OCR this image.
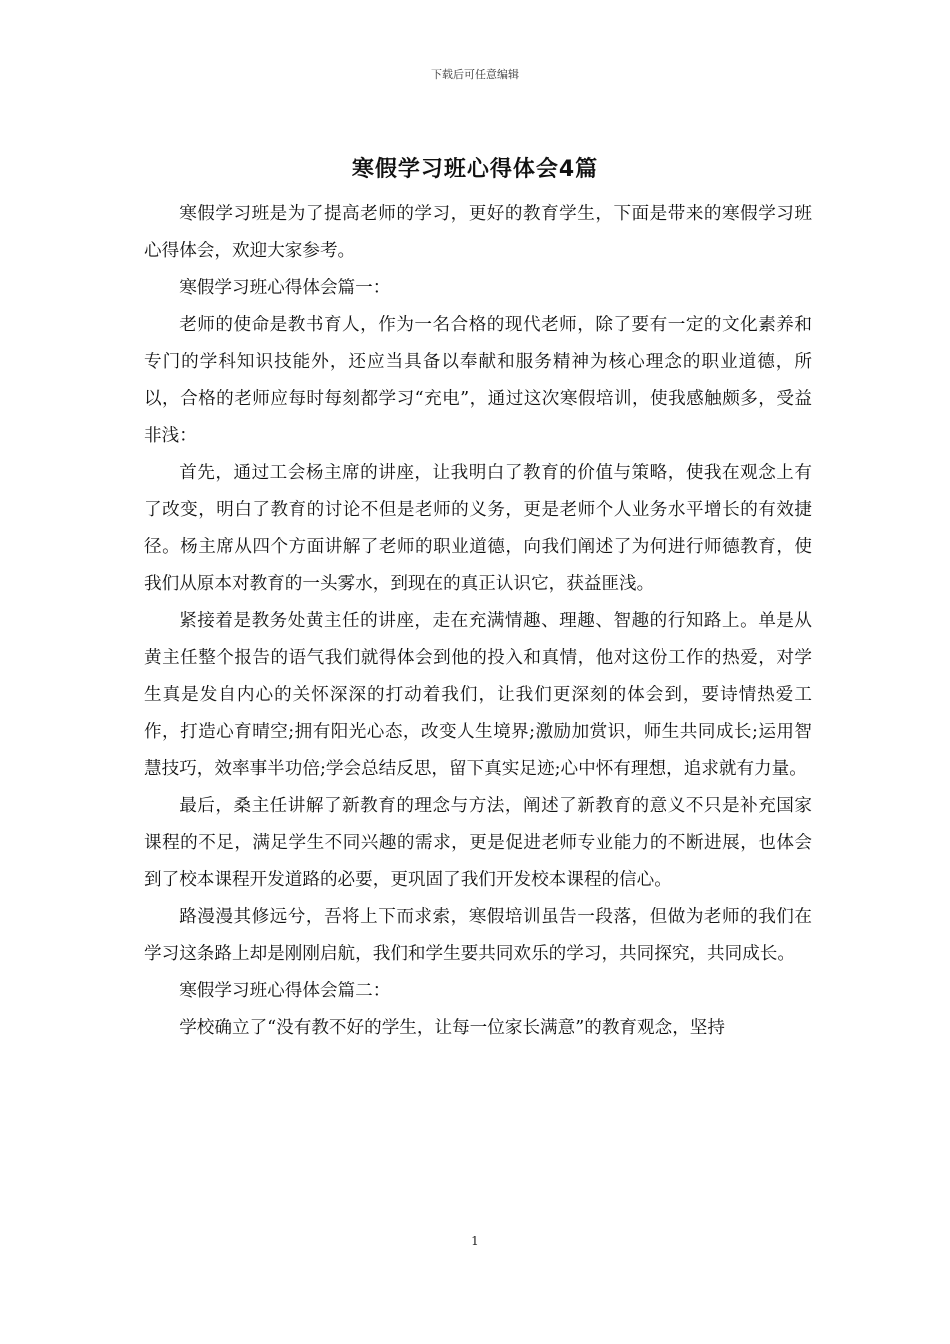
下载后可任意编辑
寒假学习班心得体会4篇

寒假学习班是为了提高老师的学习，更好的教育学生，下面是带来的寒假学习班心得体会，欢迎大家参考。

寒假学习班心得体会篇一：

老师的使命是教书育人，作为一名合格的现代老师，除了要有一定的文化素养和专门的学科知识技能外，还应当具备以奉献和服务精神为核心理念的职业道德，所以，合格的老师应每时每刻都学习“充电”，通过这次寒假培训，使我感触颇多，受益非浅：

首先，通过工会杨主席的讲座，让我明白了教育的价值与策略，使我在观念上有了改变，明白了教育的讨论不但是老师的义务，更是老师个人业务水平增长的有效捷径。杨主席从四个方面讲解了老师的职业道德，向我们阐述了为何进行师德教育，使我们从原本对教育的一头雾水，到现在的真正认识它，获益匪浅。

紧接着是教务处黄主任的讲座，走在充满情趣、理趣、智趣的行知路上。单是从黄主任整个报告的语气我们就得体会到他的投入和真情，他对这份工作的热爱，对学生真是发自内心的关怀深深的打动着我们，让我们更深刻的体会到，要诗情热爱工作，打造心育晴空;拥有阳光心态，改变人生境界;激励加赏识，师生共同成长;运用智慧技巧，效率事半功倍;学会总结反思，留下真实足迹;心中怀有理想，追求就有力量。

最后，桑主任讲解了新教育的理念与方法，阐述了新教育的意义不只是补充国家课程的不足，满足学生不同兴趣的需求，更是促进老师专业能力的不断进展，也体会到了校本课程开发道路的必要，更巩固了我们开发校本课程的信心。

路漫漫其修远兮，吾将上下而求索，寒假培训虽告一段落，但做为老师的我们在学习这条路上却是刚刚启航，我们和学生要共同欢乐的学习，共同探究，共同成长。

寒假学习班心得体会篇二：

学校确立了“没有教不好的学生，让每一位家长满意”的教育观念，坚持

1
